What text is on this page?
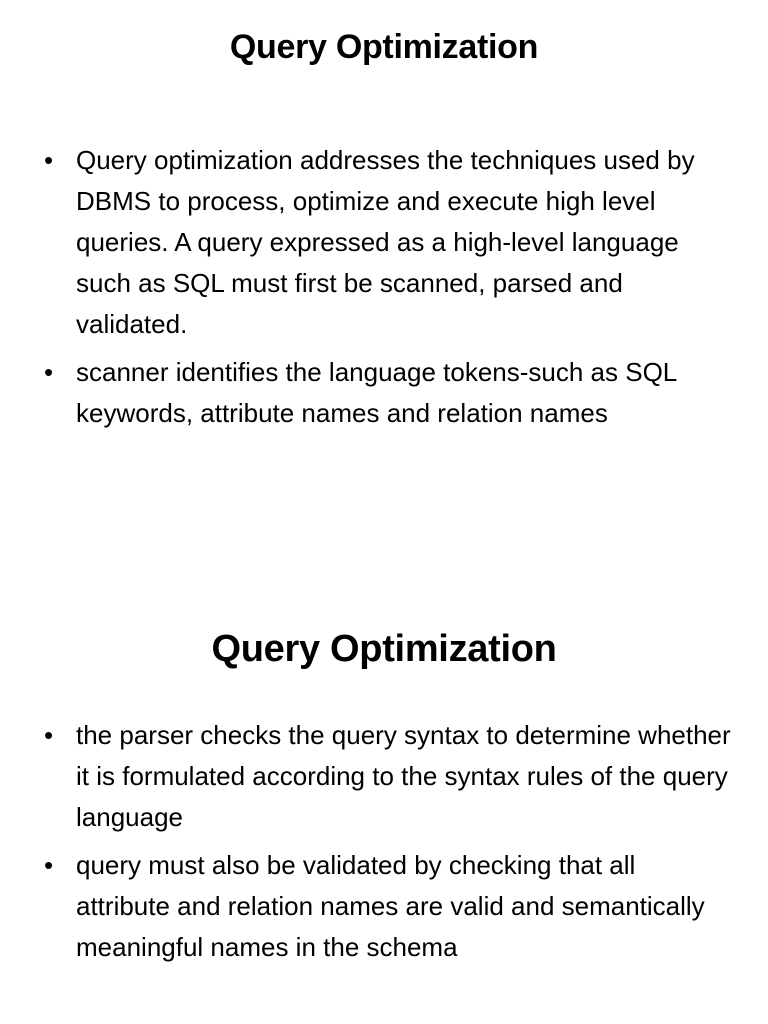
Query Optimization
• Query optimization addresses the techniques used by DBMS to process, optimize and execute high level queries. A query expressed as a high-level language such as SQL must first be scanned, parsed and validated.
• scanner identifies the language tokens-such as SQL keywords, attribute names and relation names
Query Optimization
• the parser checks the query syntax to determine whether it is formulated according to the syntax rules of the query language
• query must also be validated by checking that all attribute and relation names are valid and semantically meaningful names in the schema
